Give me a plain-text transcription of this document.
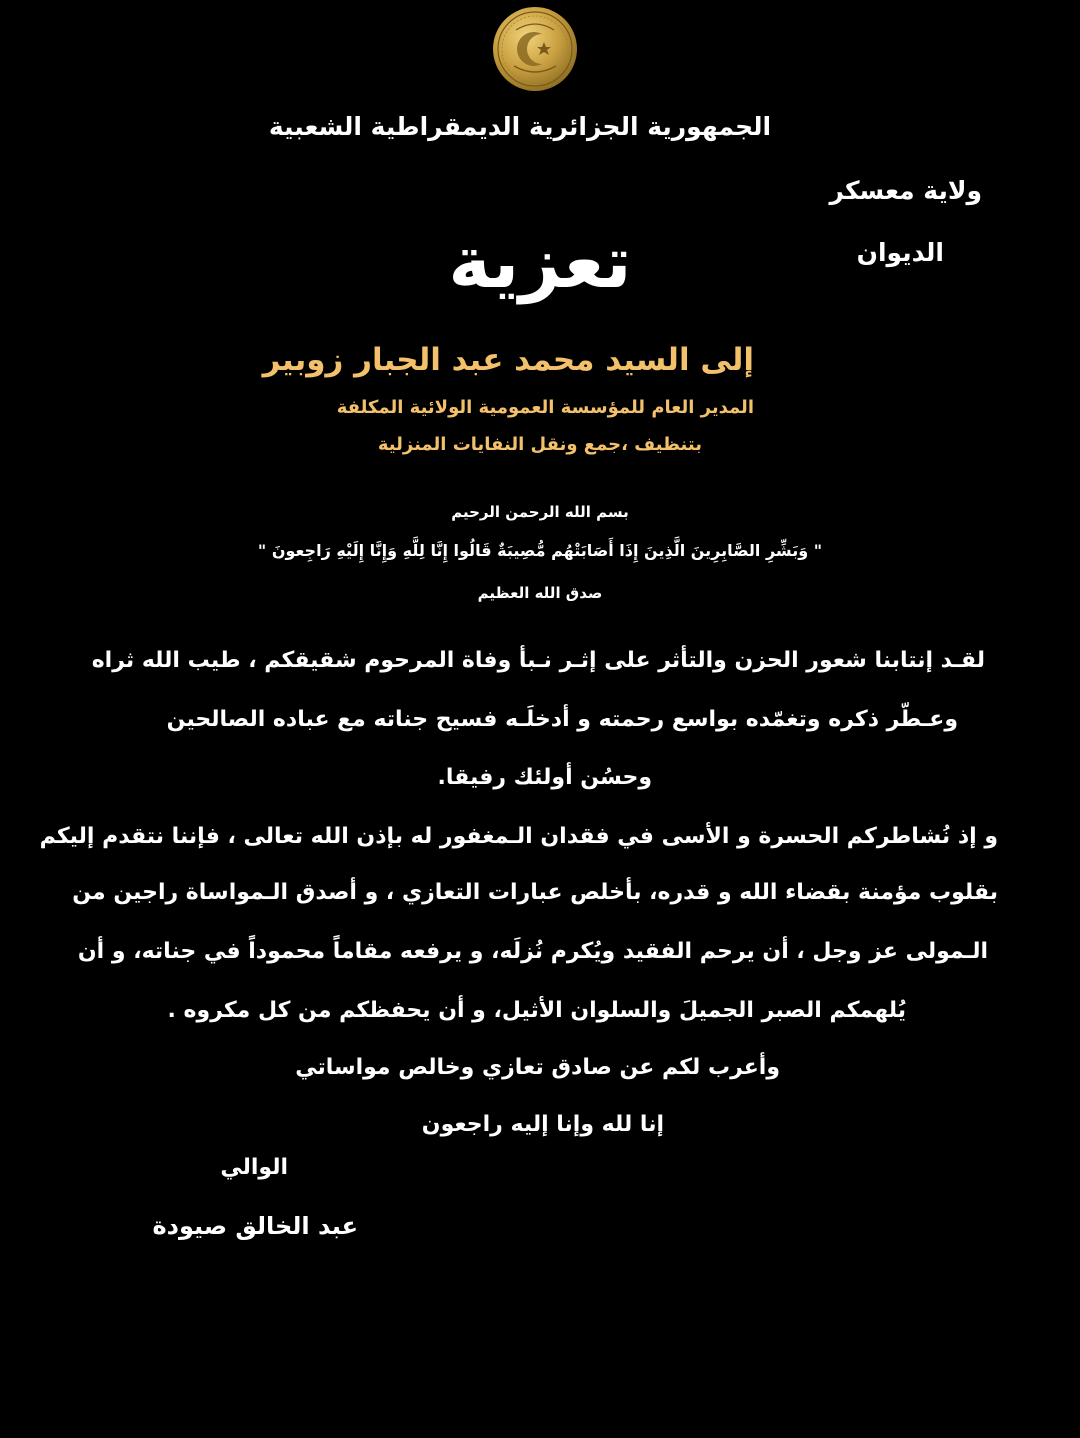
الجمهورية الجزائرية الديمقراطية الشعبية
ولاية معسكر
الديوان
تعزية
إلى السيد محمد عبد الجبار زوبير
المدير العام للمؤسسة العمومية الولائية المكلفة
بتنظيف ،جمع ونقل النفايات المنزلية
بسم الله الرحمن الرحيم
" وَبَشِّرِ الصَّابِرِينَ الَّذِينَ إِذَا أَصَابَتْهُم مُّصِيبَةٌ قَالُوا إِنَّا لِلَّهِ وَإِنَّا إِلَيْهِ رَاجِعونَ "
صدق الله العظيم
لقـد إنتابنا شعور الحزن والتأثر على إثـر نـبأ وفاة المرحوم شقيقكم ، طيب الله ثراه
وعـطّر ذكره وتغمّده بواسع رحمته و أدخلَـه فسيح جناته مع عباده الصالحين
وحسُن أولئك رفيقا.
و إذ نُشاطركم الحسرة و الأسى في فقدان الـمغفور له بإذن الله تعالى ، فإننا نتقدم إليكم
بقلوب مؤمنة بقضاء الله و قدره، بأخلص عبارات التعازي ، و أصدق الـمواساة راجين من
الـمولى عز وجل ، أن يرحم الفقيد ويُكرم نُزلَه، و يرفعه مقاماً محموداً في جناته، و أن
يُلهمكم الصبر الجميلَ والسلوان الأثيل، و أن يحفظكم من كل مكروه .
وأعرب لكم عن صادق تعازي وخالص مواساتي
إنا لله وإنا إليه راجعون
الوالي
عبد الخالق صيودة
